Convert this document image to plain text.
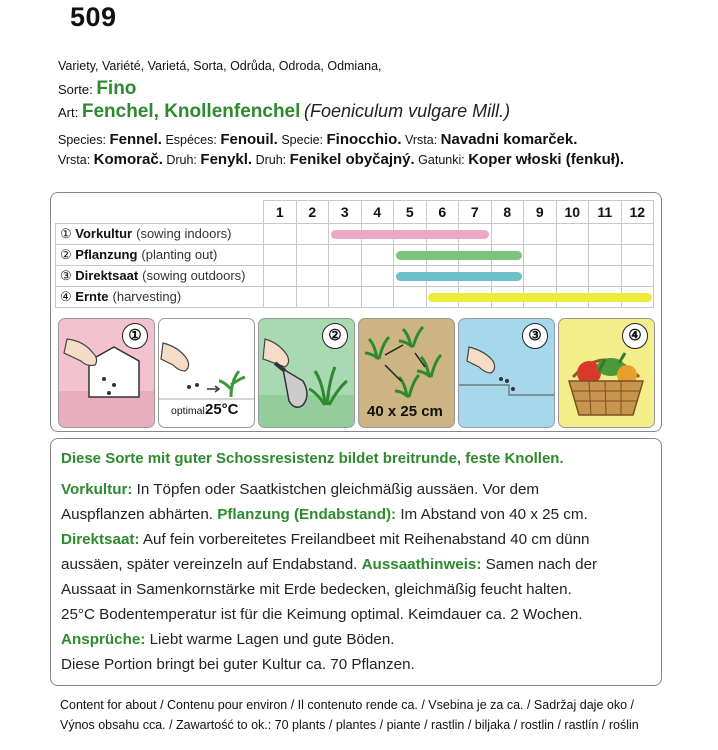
509
Variety, Variété, Varietá, Sorta, Odrůda, Odroda, Odmiana,
Sorte: Fino
Art: Fenchel, Knollenfenchel (Foeniculum vulgare Mill.)
Species: Fennel. Espéces: Fenouil. Specie: Finocchio. Vrsta: Navadni komarček.
Vrsta: Komorač. Druh: Fenykl. Druh: Fenikel obyčajný. Gatunki: Koper włoski (fenkuł).
	1	2	3	4	5	6	7	8	9	10	11	12
① Vorkultur (sowing indoors)												
② Pflanzung (planting out)												
③ Direktsaat (sowing outdoors)												
④ Ernte (harvesting)												
①
optimal:
25°C
②
40 x 25 cm
③	④
Diese Sorte mit guter Schossresistenz bildet breitrunde, feste Knollen.
Vorkultur: In Töpfen oder Saatkistchen gleichmäßig aussäen. Vor dem
Auspflanzen abhärten. Pflanzung (Endabstand): Im Abstand von 40 x 25 cm.
Direktsaat: Auf fein vorbereitetes Freilandbeet mit Reihenabstand 40 cm dünn
aussäen, später vereinzeln auf Endabstand. Aussaathinweis: Samen nach der
Aussaat in Samenkornstärke mit Erde bedecken, gleichmäßig feucht halten.
25°C Bodentemperatur ist für die Keimung optimal. Keimdauer ca. 2 Wochen.
Ansprüche: Liebt warme Lagen und gute Böden.
Diese Portion bringt bei guter Kultur ca. 70 Pflanzen.
Content for about / Contenu pour environ / Il contenuto rende ca. / Vsebina je za ca. / Sadržaj daje oko /
Výnos obsahu cca. / Zawartość to ok.: 70 plants / plantes / piante / rastlin / biljaka / rostlin / rastlín / roślin
